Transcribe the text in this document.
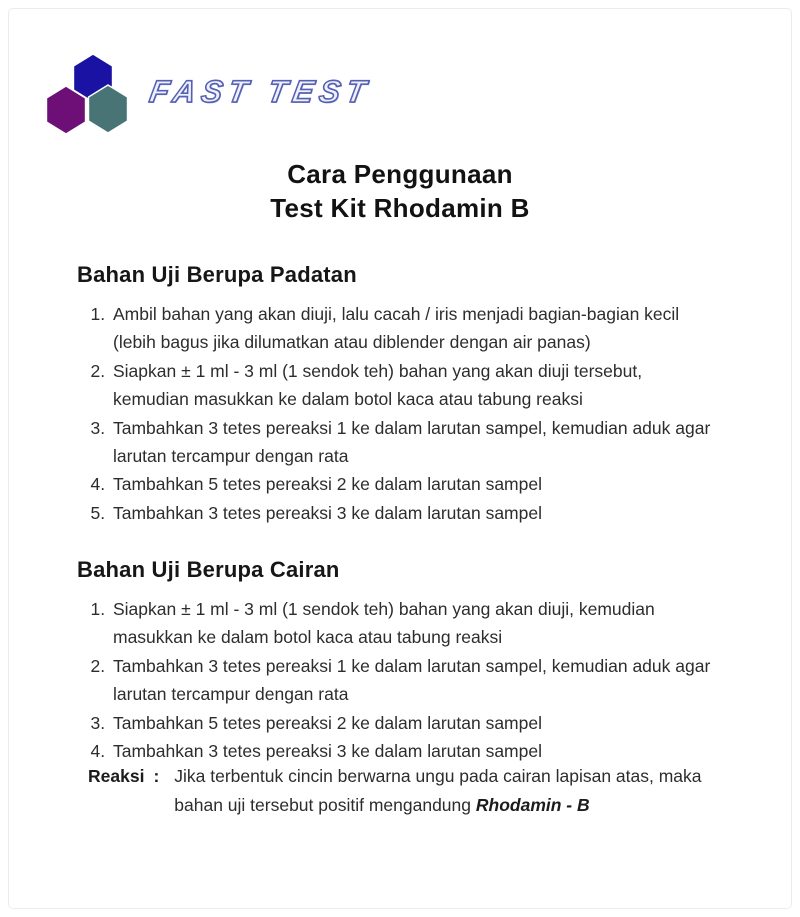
FAST TEST
Cara Penggunaan
Test Kit Rhodamin B
Bahan Uji Berupa Padatan
1. Ambil bahan yang akan diuji, lalu cacah / iris menjadi bagian-bagian kecil (lebih bagus jika dilumatkan atau diblender dengan air panas)
2. Siapkan ± 1 ml - 3 ml (1 sendok teh) bahan yang akan diuji tersebut, kemudian masukkan ke dalam botol kaca atau tabung reaksi
3. Tambahkan 3 tetes pereaksi 1 ke dalam larutan sampel, kemudian aduk agar larutan tercampur dengan rata
4. Tambahkan 5 tetes pereaksi 2 ke dalam larutan sampel
5. Tambahkan 3 tetes pereaksi 3 ke dalam larutan sampel
Bahan Uji Berupa Cairan
1. Siapkan ± 1 ml - 3 ml (1 sendok teh) bahan yang akan diuji, kemudian masukkan ke dalam botol kaca atau tabung reaksi
2. Tambahkan 3 tetes pereaksi 1 ke dalam larutan sampel, kemudian aduk agar larutan tercampur dengan rata
3. Tambahkan 5 tetes pereaksi 2 ke dalam larutan sampel
4. Tambahkan 3 tetes pereaksi 3 ke dalam larutan sampel
Reaksi : Jika terbentuk cincin berwarna ungu pada cairan lapisan atas, maka bahan uji tersebut positif mengandung Rhodamin - B
